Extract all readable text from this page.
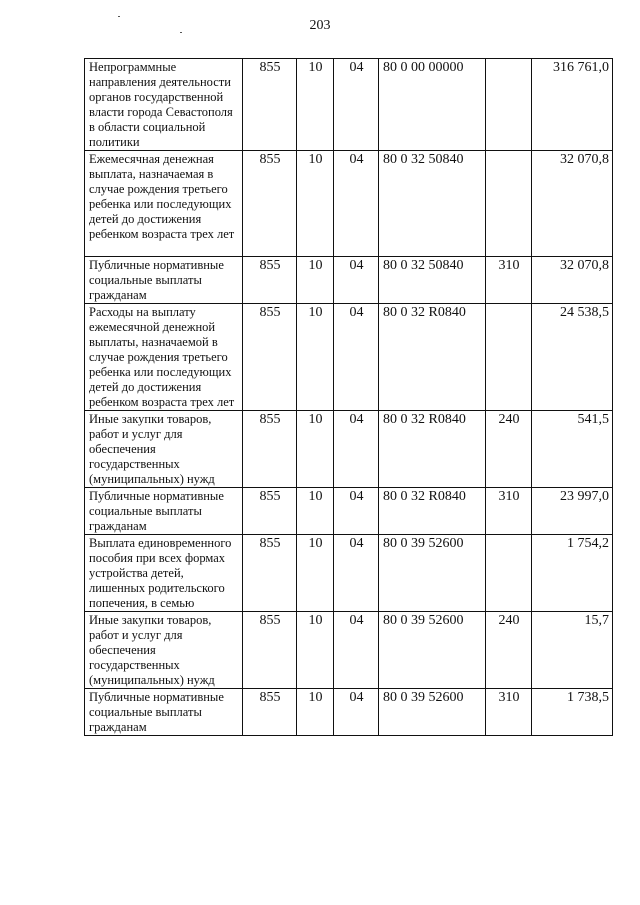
203
Непрограммные направления деятельности органов государственной власти города Севастополя в области социальной политики	855	10	04	80 0 00 00000		316 761,0
Ежемесячная денежная выплата, назначаемая в случае рождения третьего ребенка или последующих детей до достижения ребенком возраста трех лет	855	10	04	80 0 32 50840		32 070,8
Публичные нормативные социальные выплаты гражданам	855	10	04	80 0 32 50840	310	32 070,8
Расходы на выплату ежемесячной денежной выплаты, назначаемой в случае рождения третьего ребенка или последующих детей до достижения ребенком возраста трех лет	855	10	04	80 0 32 R0840		24 538,5
Иные закупки товаров, работ и услуг для обеспечения государственных (муниципальных) нужд	855	10	04	80 0 32 R0840	240	541,5
Публичные нормативные социальные выплаты гражданам	855	10	04	80 0 32 R0840	310	23 997,0
Выплата единовременного пособия при всех формах устройства детей, лишенных родительского попечения, в семью	855	10	04	80 0 39 52600		1 754,2
Иные закупки товаров, работ и услуг для обеспечения государственных (муниципальных) нужд	855	10	04	80 0 39 52600	240	15,7
Публичные нормативные социальные выплаты гражданам	855	10	04	80 0 39 52600	310	1 738,5
